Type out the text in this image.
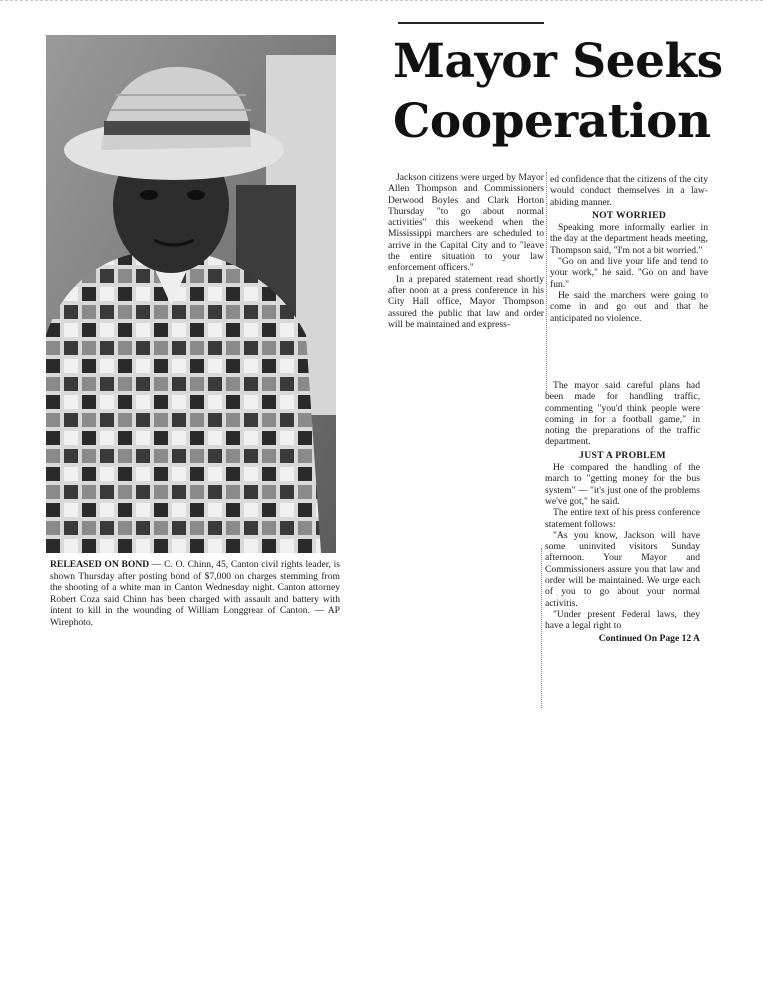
RELEASED ON BOND — C. O. Chinn, 45, Canton civil rights leader, is shown Thursday after posting bond of $7,000 on charges stemming from the shooting of a white man in Canton Wednesday night. Canton attorney Robert Coza said Chinn has been charged with assault and battery with intent to kill in the wounding of William Longgrear of Canton. — AP Wirephoto.
Mayor Seeks Cooperation

Jackson citizens were urged by Mayor Allen Thompson and Commissioners Derwood Boyles and Clark Horton Thursday "to go about normal activities" this weekend when the Mississippi marchers are scheduled to arrive in the Capital City and to "leave the entire situation to your law enforcement officers."

In a prepared statement read shortly after noon at a press conference in his City Hall office, Mayor Thompson assured the public that law and order will be maintained and express-

ed confidence that the citizens of the city would conduct themselves in a law-abiding manner.

NOT WORRIED

Speaking more informally earlier in the day at the department heads meeting, Thompson said, "I'm not a bit worried."

"Go on and live your life and tend to your work," he said. "Go on and have fun."

He said the marchers were going to come in and go out and that he anticipated no violence.

The mayor said careful plans had been made for handling traffic, commenting "you'd think people were coming in for a football game," in noting the preparations of the traffic department.

JUST A PROBLEM

He compared the handling of the march to "getting money for the bus system" — "it's just one of the problems we've got," he said.

The entire text of his press conference statement follows:

"As you know, Jackson will have some uninvited visitors Sunday afternoon. Your Mayor and Commissioners assure you that law and order will be maintained. We urge each of you to go about your normal activitis.

"Under present Federal laws, they have a legal right to

Continued On Page 12 A
